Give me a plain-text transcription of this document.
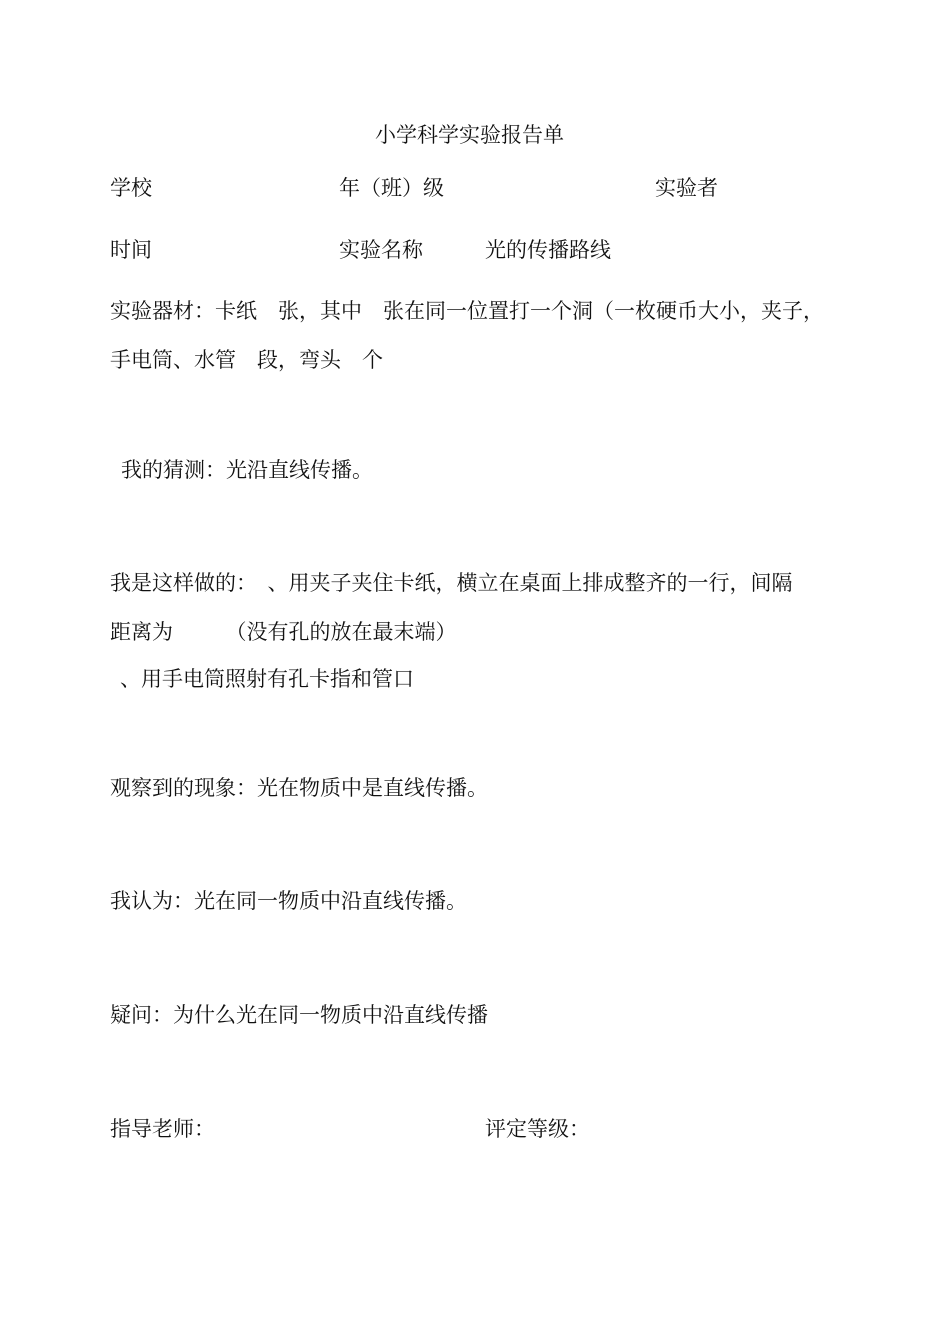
小学科学实验报告单
学校	年（班）级	实验者
时间	实验名称	光的传播路线
实验器材：卡纸　张，其中　张在同一位置打一个洞（一枚硬币大小，夹子，
手电筒、水管　段，弯头　个
我的猜测：光沿直线传播。
我是这样做的：　、用夹子夹住卡纸，横立在桌面上排成整齐的一行，间隔
距离为　　　（没有孔的放在最末端）
、用手电筒照射有孔卡指和管口
观察到的现象：光在物质中是直线传播。
我认为：光在同一物质中沿直线传播。
疑问：为什么光在同一物质中沿直线传播
指导老师：	评定等级：
